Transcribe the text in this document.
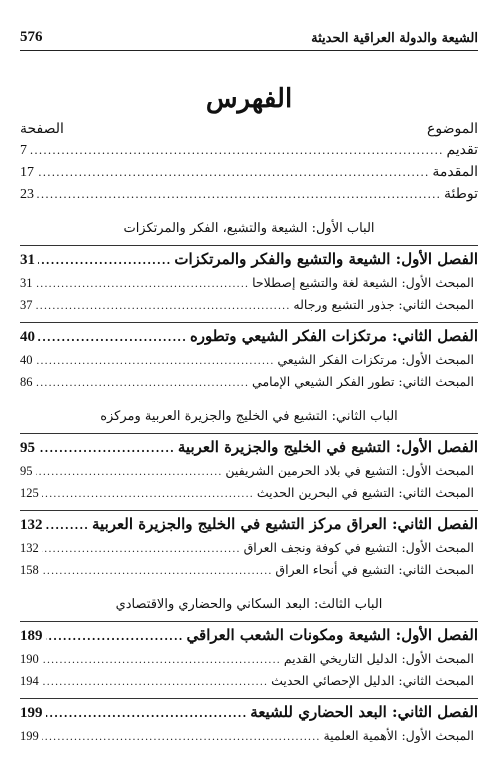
576	الشيعة والدولة العراقية الحديثة
الفهرس
الموضوع
الصفحة
تقديم
.....
7
المقدمة
.....
17
توطئة
.....
23
الباب الأول: الشيعة والتشيع، الفكر والمرتكزات
الفصل الأول: الشيعة والتشيع والفكر والمرتكزات
.....
31
المبحث الأول: الشيعة لغة والتشيع إصطلاحا
.....
31
المبحث الثاني: جذور التشيع ورجاله
.....
37
الفصل الثاني: مرتكزات الفكر الشيعي وتطوره
.....
40
المبحث الأول: مرتكزات الفكر الشيعي
.....
40
المبحث الثاني: تطور الفكر الشيعي الإمامي
.....
86
الباب الثاني: التشيع في الخليج والجزيرة العربية ومركزه
الفصل الأول: التشيع في الخليج والجزيرة العربية
.....
95
المبحث الأول: التشيع في بلاد الحرمين الشريفين
.....
95
المبحث الثاني: التشيع في البحرين الحديث
.....
125
الفصل الثاني: العراق مركز التشيع في الخليج والجزيرة العربية
.....
132
المبحث الأول: التشيع في كوفة ونجف العراق
.....
132
المبحث الثاني: التشيع في أنحاء العراق
.....
158
الباب الثالث: البعد السكاني والحضاري والاقتصادي
الفصل الأول: الشيعة ومكونات الشعب العراقي
.....
189
المبحث الأول: الدليل التاريخي القديم
.....
190
المبحث الثاني: الدليل الإحصائي الحديث
.....
194
الفصل الثاني: البعد الحضاري للشيعة
.....
199
المبحث الأول: الأهمية العلمية
.....
199
